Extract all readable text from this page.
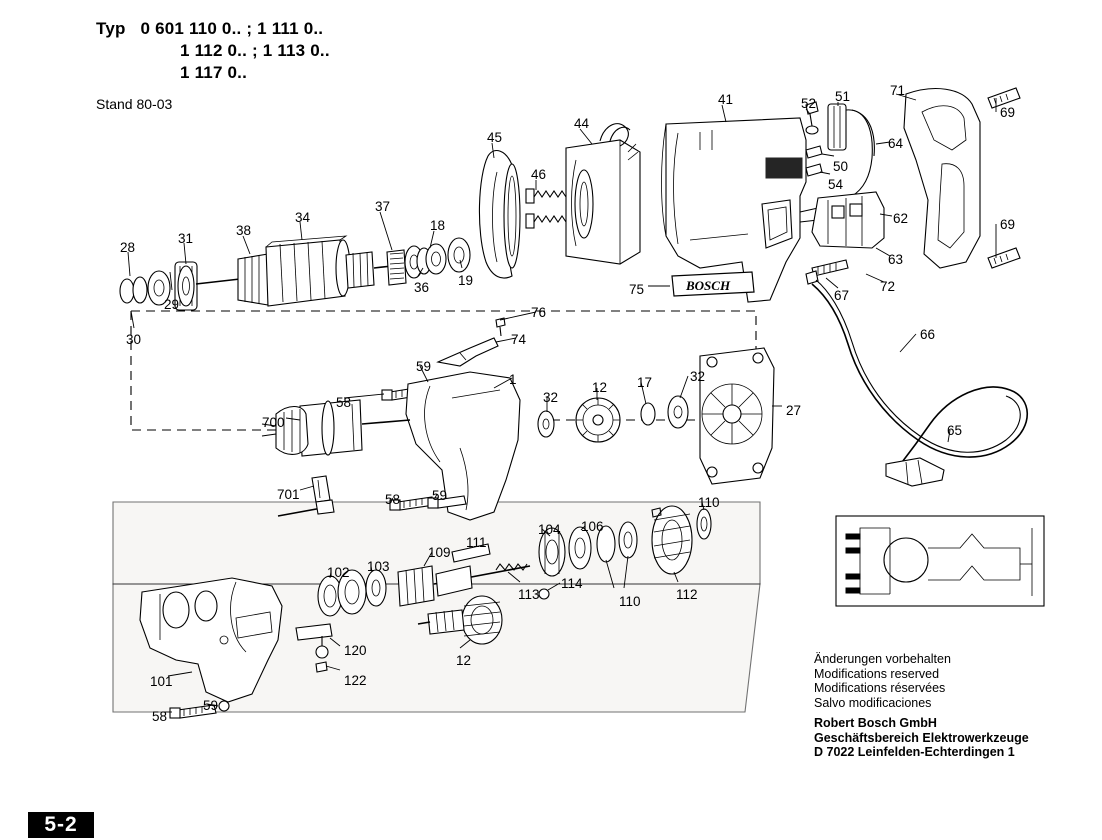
Typ 0 601 110 0.. ; 1 111 0..
1 112 0.. ; 1 113 0..
1 117 0..
Stand 80-03
BOSCH
28
31
38
34
37
18
45
46
44
41	52 51	71
69
64
50
54
62
63
69
72
67
75
66
65
30
29
36 19
76
74
59
58
700
701
1
32
12 17	32
27
58 59	110
104 106
111
109
103
102
113
114
110	112
12
120
122
101
58
59
Änderungen vorbehalten
Modifications reserved
Modifications réservées
Salvo modificaciones
Robert Bosch GmbH
Geschäftsbereich Elektrowerkzeuge
D 7022 Leinfelden-Echterdingen 1
5-2
